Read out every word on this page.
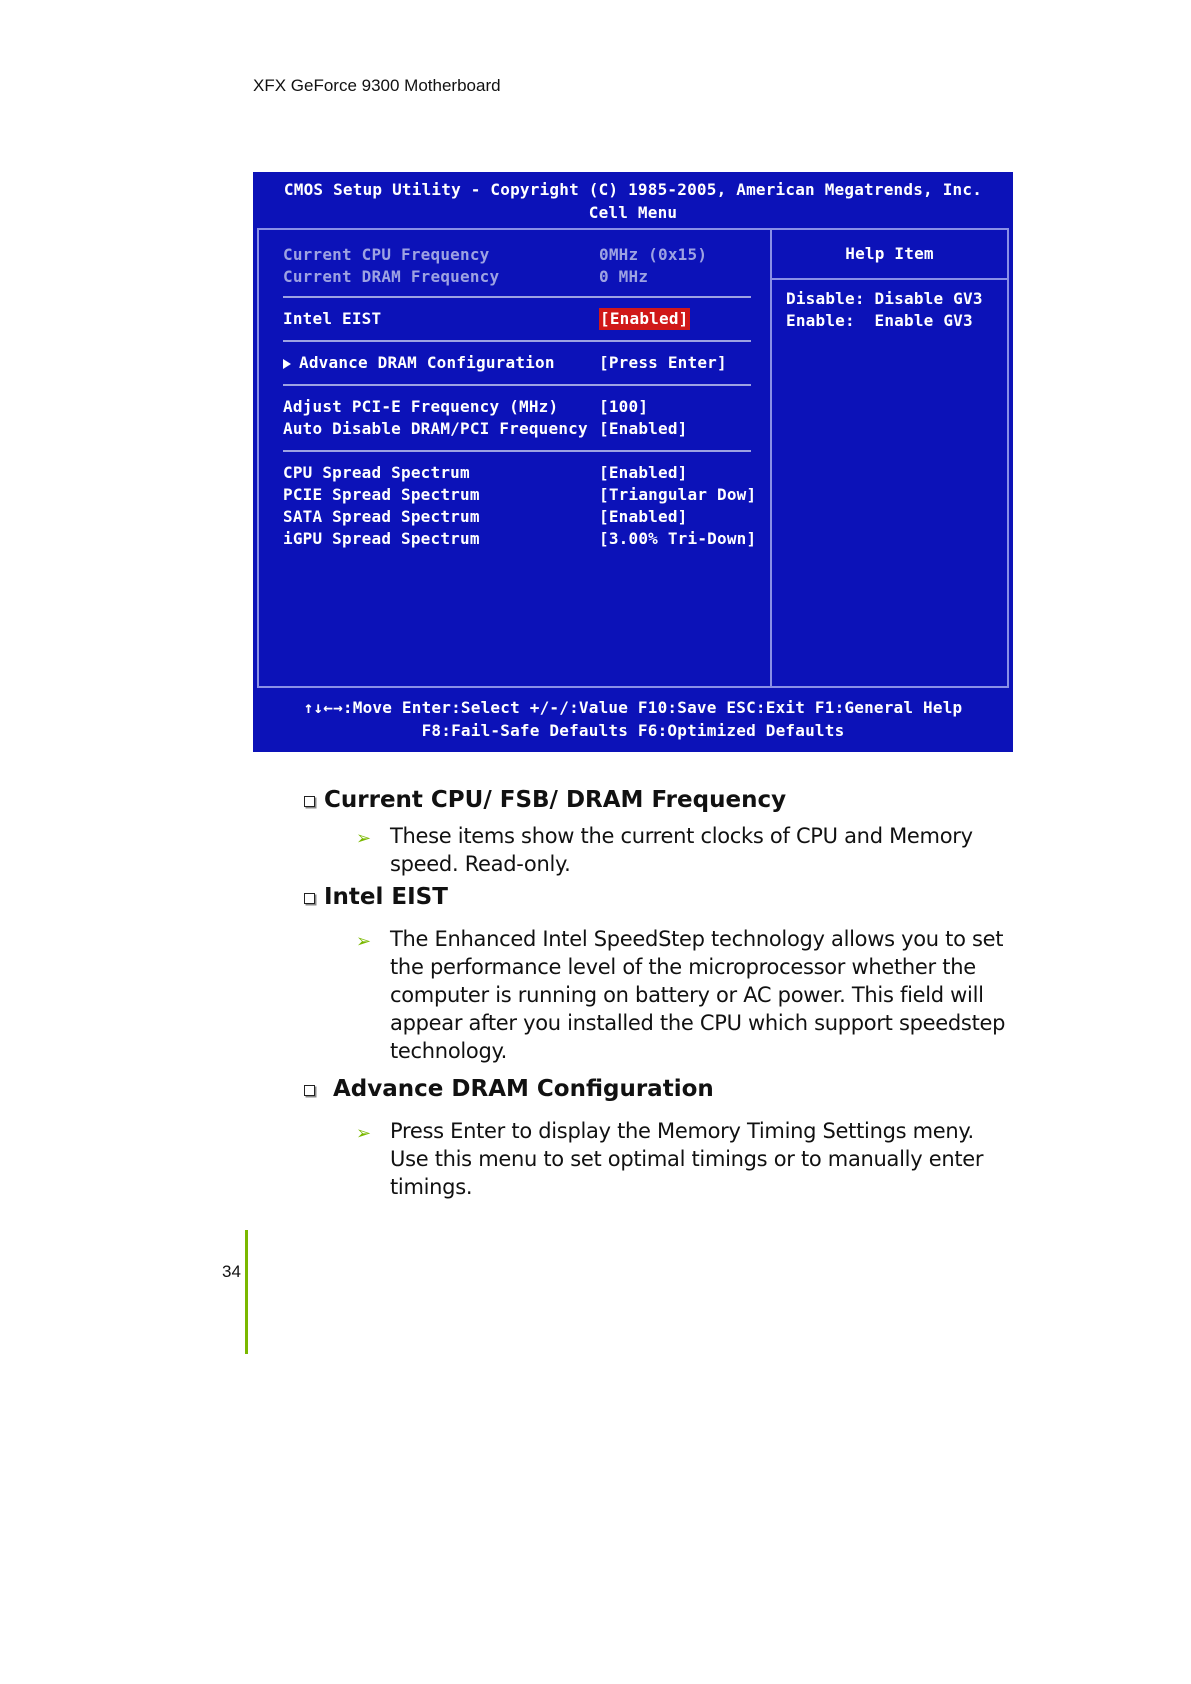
XFX GeForce 9300 Motherboard
CMOS Setup Utility - Copyright (C) 1985-2005, American Megatrends, Inc.
Cell Menu
Current CPU Frequency	0MHz (0x15)
Current DRAM Frequency	0 MHz
Intel EIST	[Enabled]
Advance DRAM Configuration	[Press Enter]
Adjust PCI-E Frequency (MHz)	[100]
Auto Disable DRAM/PCI Frequency [Enabled]
CPU Spread Spectrum	[Enabled]
PCIE Spread Spectrum	[Triangular Dow]
SATA Spread Spectrum	[Enabled]
iGPU Spread Spectrum	[3.00% Tri-Down]
Help Item
Disable: Disable GV3
Enable:  Enable GV3
↑↓←→:Move Enter:Select +/-/:Value F10:Save ESC:Exit F1:General Help
F8:Fail-Safe Defaults F6:Optimized Defaults
Current CPU/ FSB/ DRAM Frequency
➢ These items show the current clocks of CPU and Memory speed. Read-only.
Intel EIST
➢ The Enhanced Intel SpeedStep technology allows you to set the performance level of the microprocessor whether the computer is running on battery or AC power. This field will appear after you installed the CPU which support speedstep technology.
Advance DRAM Configuration
➢ Press Enter to display the Memory Timing Settings meny. Use this menu to set optimal timings or to manually enter timings.
34
